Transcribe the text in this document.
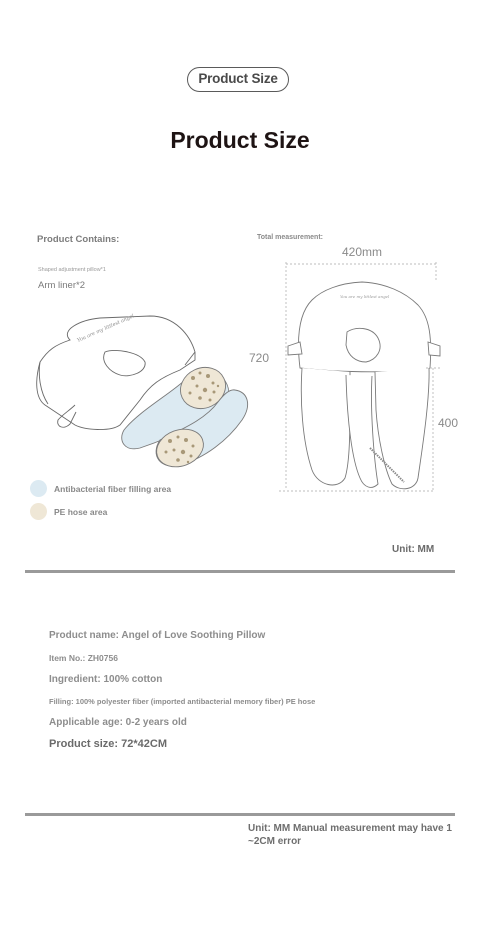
Product Size
Product Size
Product Contains:	Total measurement:
Shaped adjustment pillow*1
Arm liner*2
420mm
720
400
You are my littlest angel
You are my littlest angel
Antibacterial fiber filling area
PE hose area
Unit: MM
Product name: Angel of Love Soothing Pillow
Item No.: ZH0756
Ingredient: 100% cotton
Filling: 100% polyester fiber (imported antibacterial memory fiber) PE hose
Applicable age: 0-2 years old
Product size: 72*42CM
Unit: MM Manual measurement may have 1
~2CM error
